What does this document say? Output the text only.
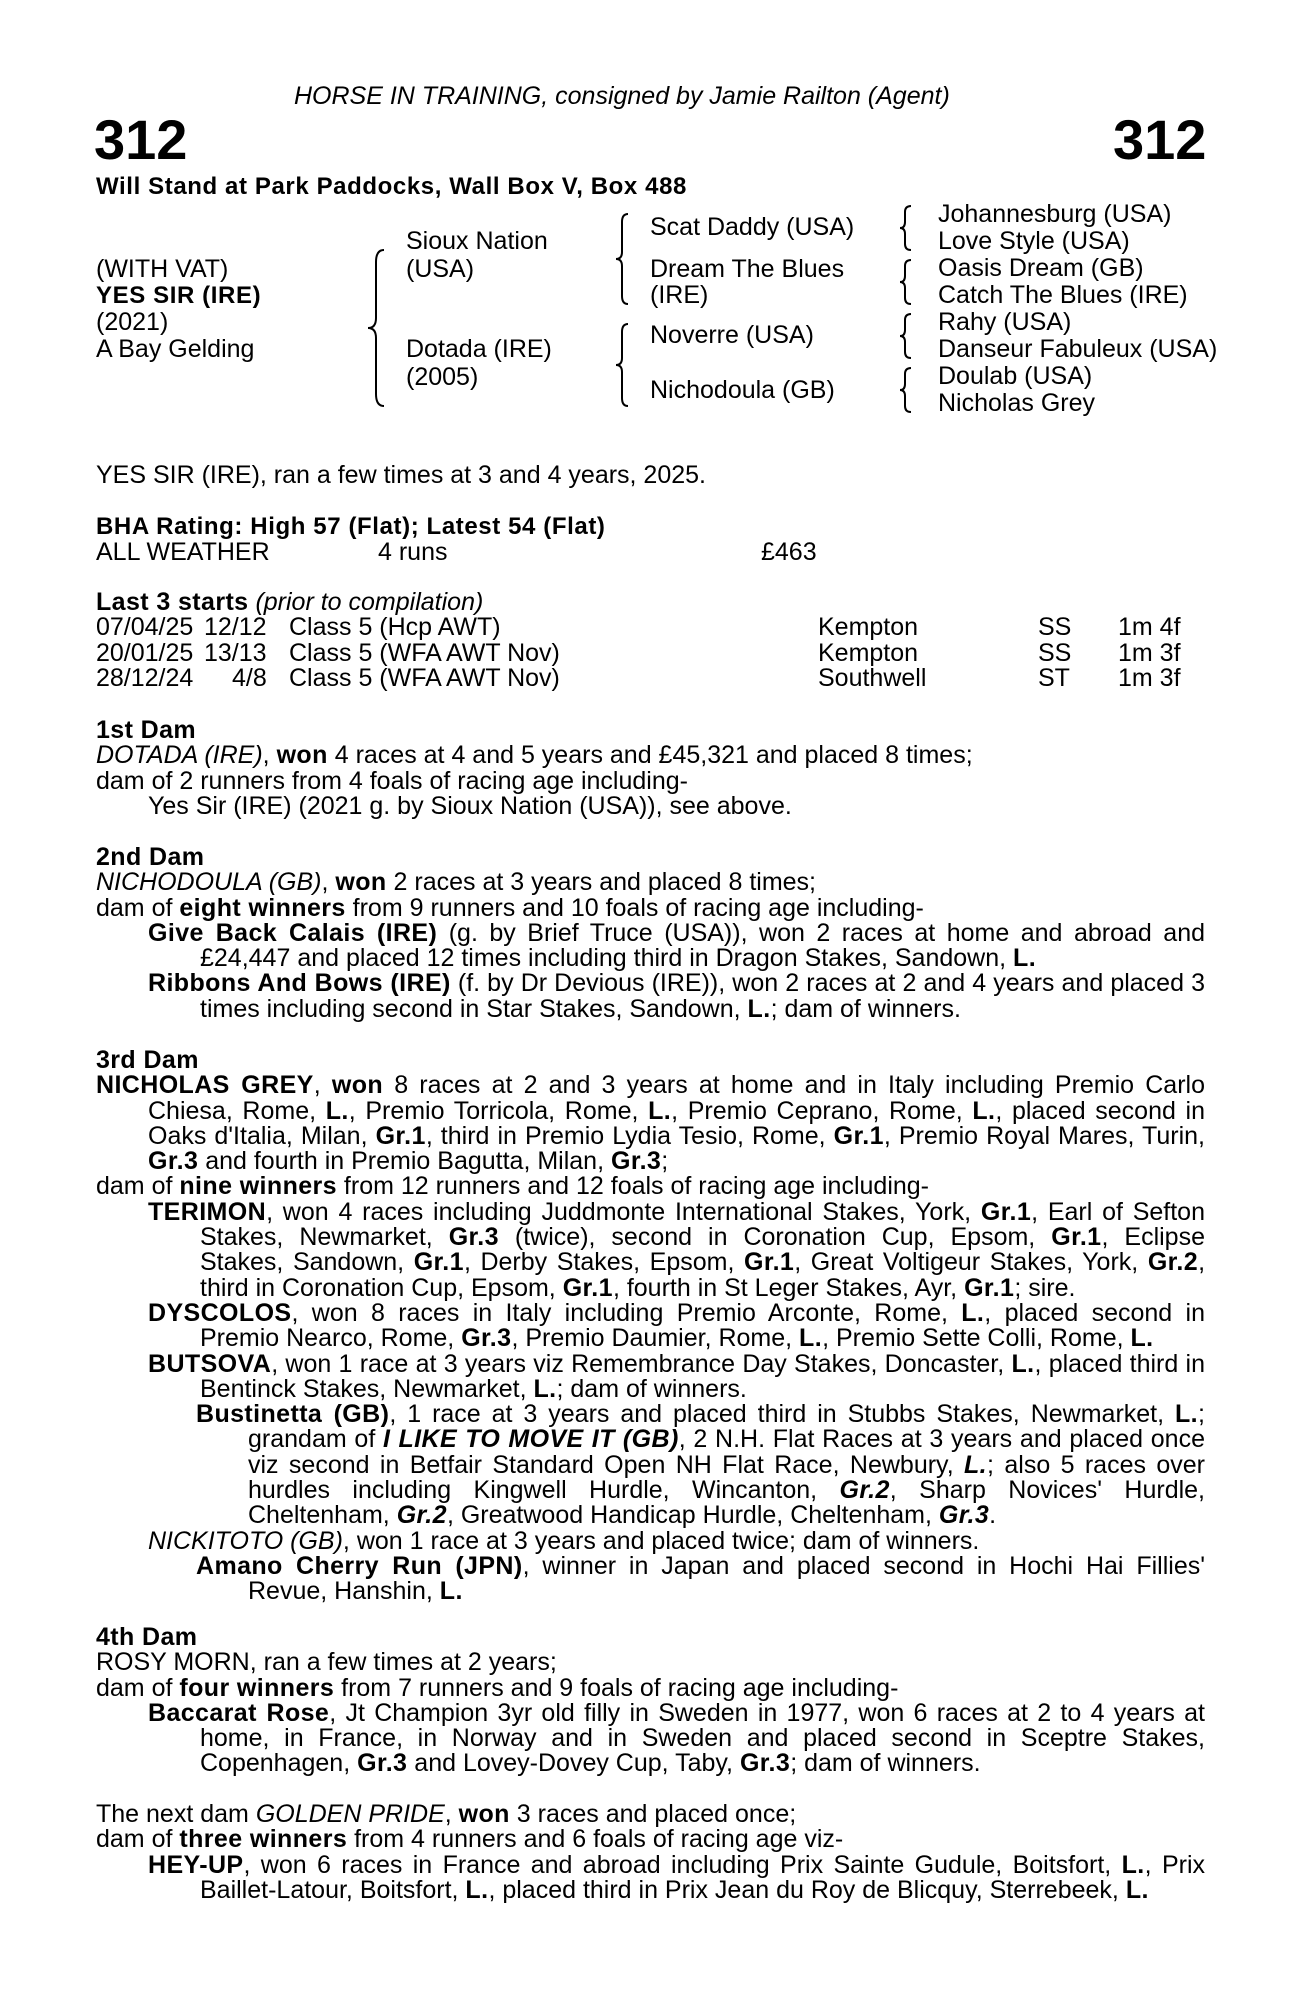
HORSE IN TRAINING, consigned by Jamie Railton (Agent)
312	312
Will Stand at Park Paddocks, Wall Box V, Box 488
(WITH VAT)
YES SIR (IRE)
(2021)
A Bay Gelding
Sioux Nation
(USA)
Dotada (IRE)
(2005)
Scat Daddy (USA)
Dream The Blues
(IRE)
Noverre (USA)
Nichodoula (GB)
Johannesburg (USA)
Love Style (USA)
Oasis Dream (GB)
Catch The Blues (IRE)
Rahy (USA)
Danseur Fabuleux (USA)
Doulab (USA)
Nicholas Grey
YES SIR (IRE), ran a few times at 3 and 4 years, 2025.
BHA Rating: High 57 (Flat); Latest 54 (Flat)
ALL WEATHER	4 runs	£463
Last 3 starts (prior to compilation)
07/04/25 12/12 Class 5 (Hcp AWT)	Kempton	SS 1m 4f
20/01/25 13/13 Class 5 (WFA AWT Nov)	Kempton	SS 1m 3f
28/12/24 4/8 Class 5 (WFA AWT Nov)	Southwell	ST 1m 3f

1st Dam

DOTADA (IRE), won 4 races at 4 and 5 years and £45,321 and placed 8 times;

dam of 2 runners from 4 foals of racing age including-

Yes Sir (IRE) (2021 g. by Sioux Nation (USA)), see above.

2nd Dam

NICHODOULA (GB), won 2 races at 3 years and placed 8 times;

dam of eight winners from 9 runners and 10 foals of racing age including-

Give Back Calais (IRE) (g. by Brief Truce (USA)), won 2 races at home and abroad and £24,447 and placed 12 times including third in Dragon Stakes, Sandown, L.

Ribbons And Bows (IRE) (f. by Dr Devious (IRE)), won 2 races at 2 and 4 years and placed 3 times including second in Star Stakes, Sandown, L.; dam of winners.

3rd Dam

NICHOLAS GREY, won 8 races at 2 and 3 years at home and in Italy including Premio Carlo Chiesa, Rome, L., Premio Torricola, Rome, L., Premio Ceprano, Rome, L., placed second in Oaks d'Italia, Milan, Gr.1, third in Premio Lydia Tesio, Rome, Gr.1, Premio Royal Mares, Turin, Gr.3 and fourth in Premio Bagutta, Milan, Gr.3;

dam of nine winners from 12 runners and 12 foals of racing age including-

TERIMON, won 4 races including Juddmonte International Stakes, York, Gr.1, Earl of Sefton Stakes, Newmarket, Gr.3 (twice), second in Coronation Cup, Epsom, Gr.1, Eclipse Stakes, Sandown, Gr.1, Derby Stakes, Epsom, Gr.1, Great Voltigeur Stakes, York, Gr.2, third in Coronation Cup, Epsom, Gr.1, fourth in St Leger Stakes, Ayr, Gr.1; sire.

DYSCOLOS, won 8 races in Italy including Premio Arconte, Rome, L., placed second in Premio Nearco, Rome, Gr.3, Premio Daumier, Rome, L., Premio Sette Colli, Rome, L.

BUTSOVA, won 1 race at 3 years viz Remembrance Day Stakes, Doncaster, L., placed third in Bentinck Stakes, Newmarket, L.; dam of winners.

Bustinetta (GB), 1 race at 3 years and placed third in Stubbs Stakes, Newmarket, L.; grandam of I LIKE TO MOVE IT (GB), 2 N.H. Flat Races at 3 years and placed once viz second in Betfair Standard Open NH Flat Race, Newbury, L.; also 5 races over hurdles including Kingwell Hurdle, Wincanton, Gr.2, Sharp Novices' Hurdle, Cheltenham, Gr.2, Greatwood Handicap Hurdle, Cheltenham, Gr.3.

NICKITOTO (GB), won 1 race at 3 years and placed twice; dam of winners.

Amano Cherry Run (JPN), winner in Japan and placed second in Hochi Hai Fillies' Revue, Hanshin, L.

4th Dam

ROSY MORN, ran a few times at 2 years;

dam of four winners from 7 runners and 9 foals of racing age including-

Baccarat Rose, Jt Champion 3yr old filly in Sweden in 1977, won 6 races at 2 to 4 years at home, in France, in Norway and in Sweden and placed second in Sceptre Stakes, Copenhagen, Gr.3 and Lovey-Dovey Cup, Taby, Gr.3; dam of winners.

The next dam GOLDEN PRIDE, won 3 races and placed once;

dam of three winners from 4 runners and 6 foals of racing age viz-

HEY-UP, won 6 races in France and abroad including Prix Sainte Gudule, Boitsfort, L., Prix Baillet-Latour, Boitsfort, L., placed third in Prix Jean du Roy de Blicquy, Sterrebeek, L.
